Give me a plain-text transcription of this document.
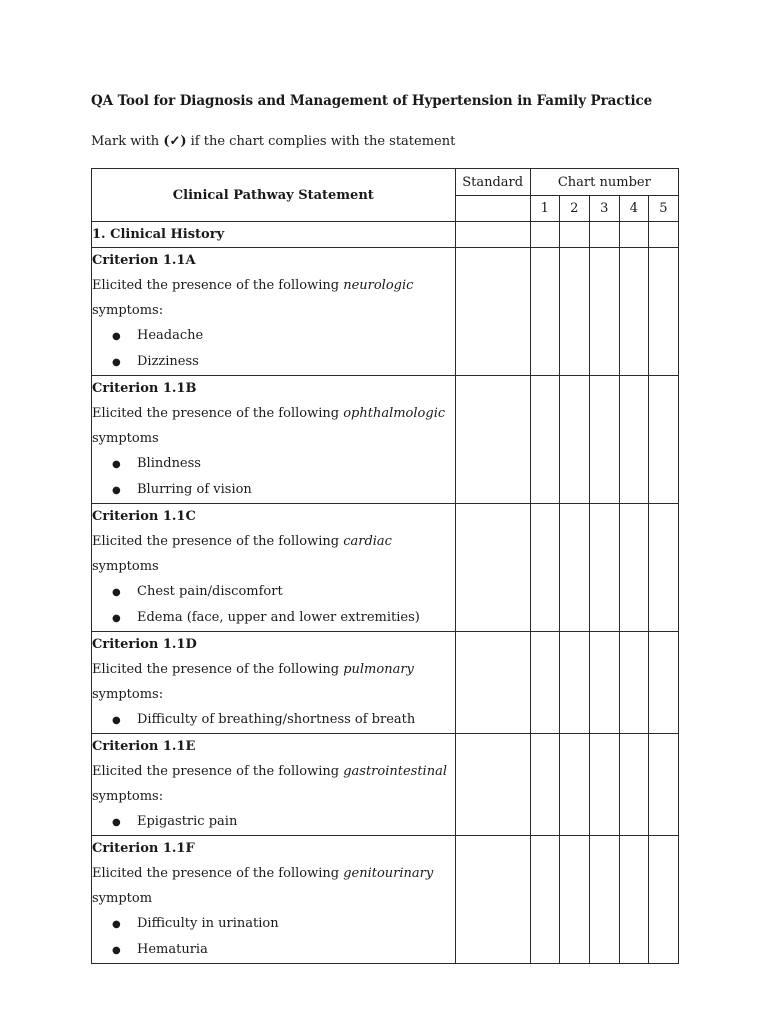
QA Tool for Diagnosis and Management of Hypertension in Family Practice
Mark with (✓) if the chart complies with the statement
Clinical Pathway Statement	Standard	Chart number				
		1	2	3	4	5

1. Clinical History						

Criterion 1.1A
Elicited the presence of the following neurologic
symptoms:
● Headache
● Dizziness						

Criterion 1.1B
Elicited the presence of the following ophthalmologic
symptoms
● Blindness
● Blurring of vision						

Criterion 1.1C
Elicited the presence of the following cardiac symptoms
● Chest pain/discomfort
● Edema (face, upper and lower extremities)						

Criterion 1.1D
Elicited the presence of the following pulmonary
symptoms:
● Difficulty of breathing/shortness of breath						

Criterion 1.1E
Elicited the presence of the following gastrointestinal
symptoms:
● Epigastric pain						

Criterion 1.1F
Elicited the presence of the following genitourinary
symptom
● Difficulty in urination
● Hematuria						
